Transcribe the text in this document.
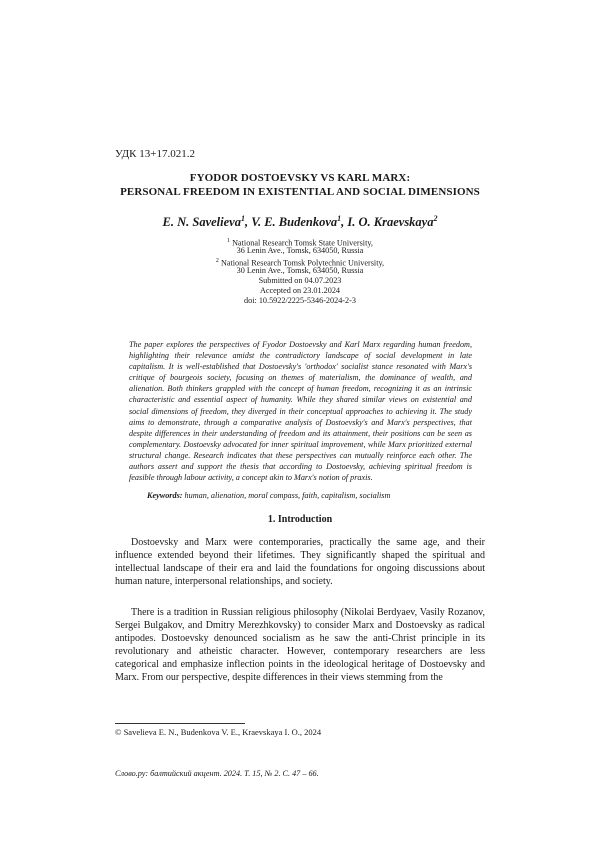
УДК 13+17.021.2
FYODOR DOSTOEVSKY VS KARL MARX:
PERSONAL FREEDOM IN EXISTENTIAL AND SOCIAL DIMENSIONS
E. N. Savelieva$^1$, V. E. Budenkova$^1$, I. O. Kraevskaya$^2$
$^1$ National Research Tomsk State University,
36 Lenin Ave., Tomsk, 634050, Russia
$^2$ National Research Tomsk Polytechnic University,
30 Lenin Ave., Tomsk, 634050, Russia
Submitted on 04.07.2023
Accepted on 23.01.2024
doi: 10.5922/2225-5346-2024-2-3

The paper explores the perspectives of Fyodor Dostoevsky and Karl Marx regarding human freedom, highlighting their relevance amidst the contradictory landscape of social development in late capitalism. It is well-established that Dostoevsky's 'orthodox' socialist stance resonated with Marx's critique of bourgeois society, focusing on themes of materialism, the dominance of wealth, and alienation. Both thinkers grappled with the concept of human freedom, recognizing it as an intrinsic characteristic and essential aspect of humanity. While they shared similar views on existential and social dimensions of freedom, they diverged in their conceptual approaches to achieving it. The study aims to demonstrate, through a comparative analysis of Dostoevsky's and Marx's perspectives, that despite differences in their understanding of freedom and its attainment, their positions can be seen as complementary. Dostoevsky advocated for inner spiritual improvement, while Marx prioritized external structural change. Research indicates that these perspectives can mutually reinforce each other. The authors assert and support the thesis that according to Dostoevsky, achieving spiritual freedom is feasible through labour activity, a concept akin to Marx's notion of praxis.

Keywords: human, alienation, moral compass, faith, capitalism, socialism
1. Introduction

Dostoevsky and Marx were contemporaries, practically the same age, and their influence extended beyond their lifetimes. They significantly shaped the spiritual and intellectual landscape of their era and laid the foundations for ongoing discussions about human nature, interpersonal relationships, and society.

There is a tradition in Russian religious philosophy (Nikolai Berdyaev, Vasily Rozanov, Sergei Bulgakov, and Dmitry Merezhkovsky) to consider Marx and Dostoevsky as radical antipodes. Dostoevsky denounced socialism as he saw the anti-Christ principle in its revolutionary and atheistic character. However, contemporary researchers are less categorical and emphasize inflection points in the ideological heritage of Dostoevsky and Marx. From our perspective, despite differences in their views stemming from the

© Savelieva E. N., Budenkova V. E., Kraevskaya I. O., 2024
Слово.ру: балтийский акцент. 2024. Т. 15, № 2. С. 47 – 66.
